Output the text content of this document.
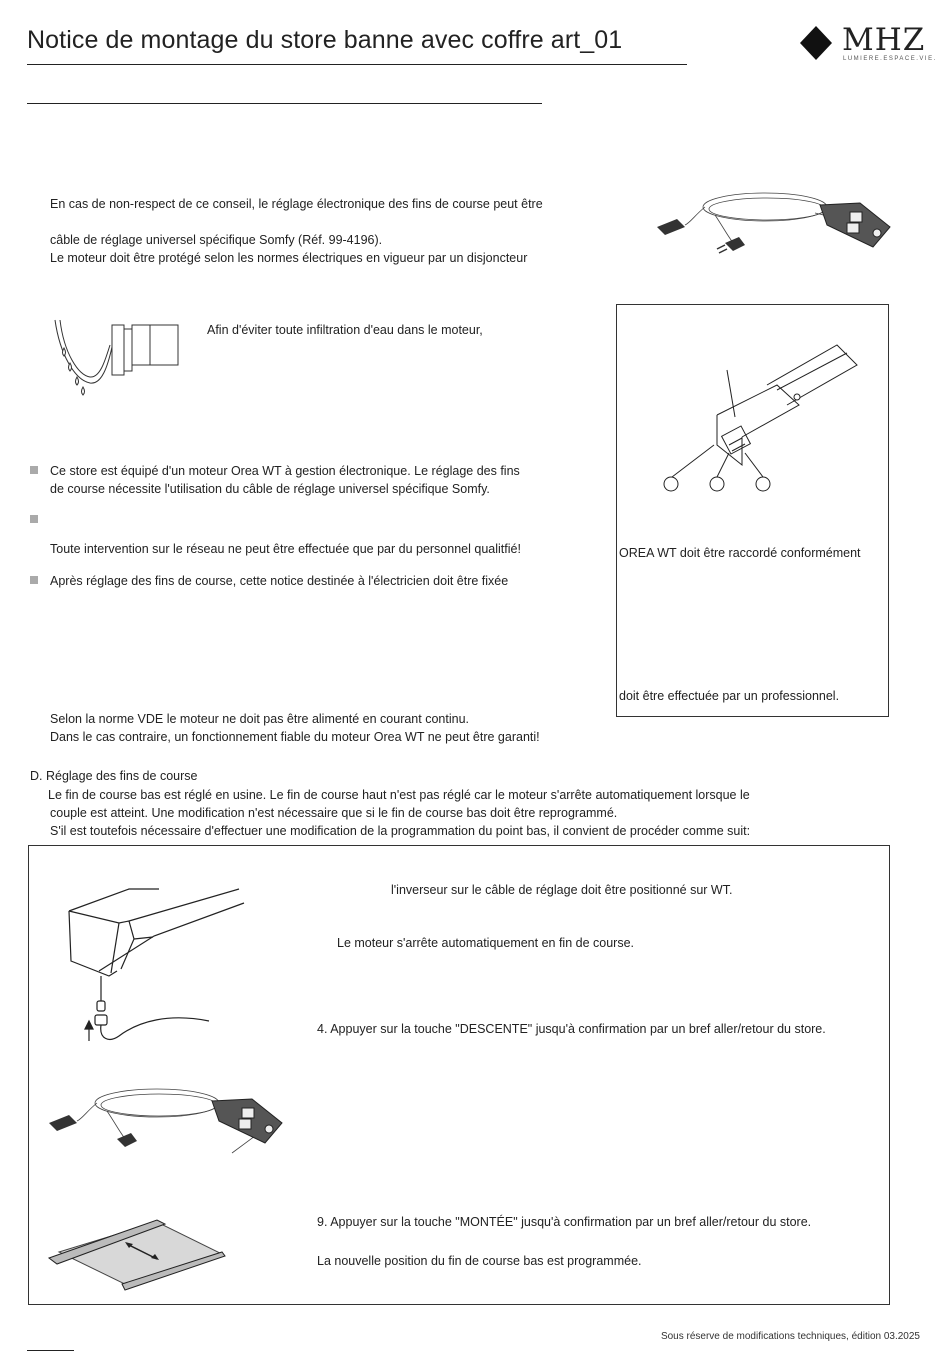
Notice de montage du store banne avec coffre art_01	MHZ
LUMIERE.ESPACE.VIE.
En cas de non-respect de ce conseil, le réglage électronique des fins de course peut être
câble de réglage universel spécifique Somfy (Réf. 99-4196).
Le moteur doit être protégé selon les normes électriques en vigueur par un disjoncteur
Afin d'éviter toute infiltration d'eau dans le moteur,
Ce store est équipé d'un moteur Orea WT à gestion électronique. Le réglage des fins
de course nécessite l'utilisation du câble de réglage universel spécifique Somfy.
Toute intervention sur le réseau ne peut être effectuée que par du personnel qualitfié!
Après réglage des fins de course, cette notice destinée à l'électricien doit être fixée
OREA WT doit être raccordé conformément
doit être effectuée par un professionnel.
Selon la norme VDE le moteur ne doit pas être alimenté en courant continu.
Dans le cas contraire, un fonctionnement fiable du moteur Orea WT ne peut être garanti!
D. Réglage des fins de course
Le fin de course bas est réglé en usine. Le fin de course haut n'est pas réglé car le moteur s'arrête automatiquement lorsque le
couple est atteint. Une modification n'est nécessaire que si le fin de course bas doit être reprogrammé.
S'il est toutefois nécessaire d'effectuer une modification de la programmation du point bas, il convient de procéder comme suit:
l'inverseur sur le câble de réglage doit être positionné sur WT.
Le moteur s'arrête automatiquement en fin de course.
4. Appuyer sur la touche "DESCENTE" jusqu'à confirmation par un bref aller/retour du store.
9. Appuyer sur la touche "MONTÉE" jusqu'à confirmation par un bref aller/retour du store.
La nouvelle position du fin de course bas est programmée.
Sous réserve de modifications techniques, édition 03.2025
